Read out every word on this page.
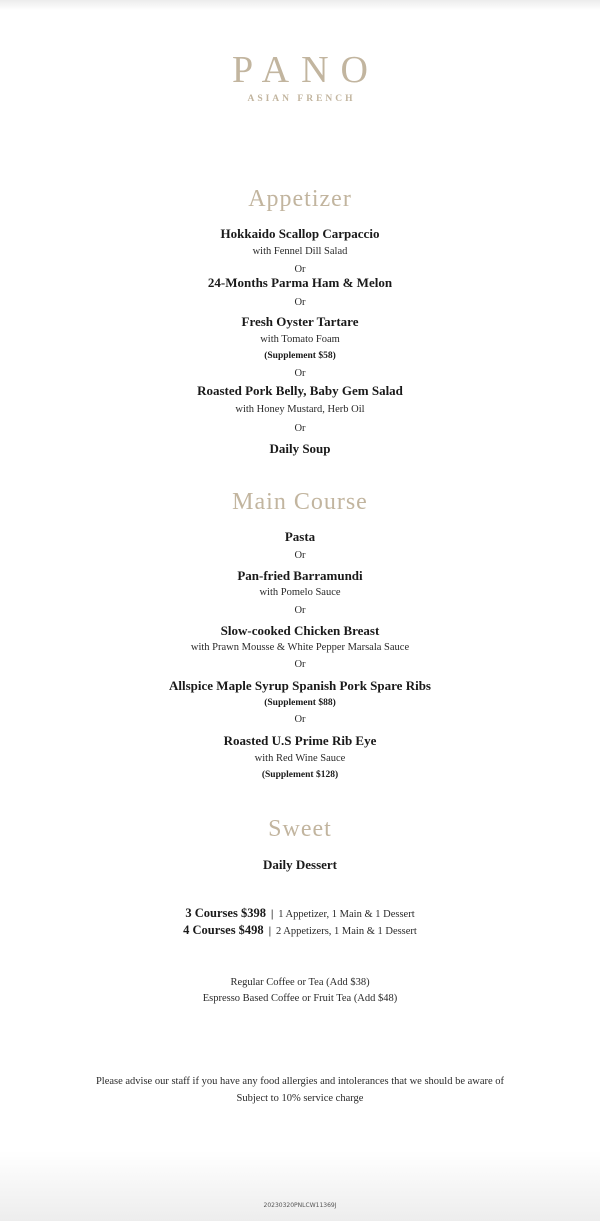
PANO
ASIAN FRENCH
Appetizer
Hokkaido Scallop Carpaccio
with Fennel Dill Salad
Or
24-Months Parma Ham & Melon
Or
Fresh Oyster Tartare
with Tomato Foam
(Supplement $58)
Or
Roasted Pork Belly, Baby Gem Salad
with Honey Mustard, Herb Oil
Or
Daily Soup
Main Course
Pasta
Or
Pan-fried Barramundi
with Pomelo Sauce
Or
Slow-cooked Chicken Breast
with Prawn Mousse & White Pepper Marsala Sauce
Or
Allspice Maple Syrup Spanish Pork Spare Ribs
(Supplement $88)
Or
Roasted U.S Prime Rib Eye
with Red Wine Sauce
(Supplement $128)
Sweet
Daily Dessert
3 Courses $398 | 1 Appetizer, 1 Main & 1 Dessert
4 Courses $498 | 2 Appetizers, 1 Main & 1 Dessert
Regular Coffee or Tea (Add $38)
Espresso Based Coffee or Fruit Tea (Add $48)
Please advise our staff if you have any food allergies and intolerances that we should be aware of
Subject to 10% service charge
20230320PNLCW11369J
